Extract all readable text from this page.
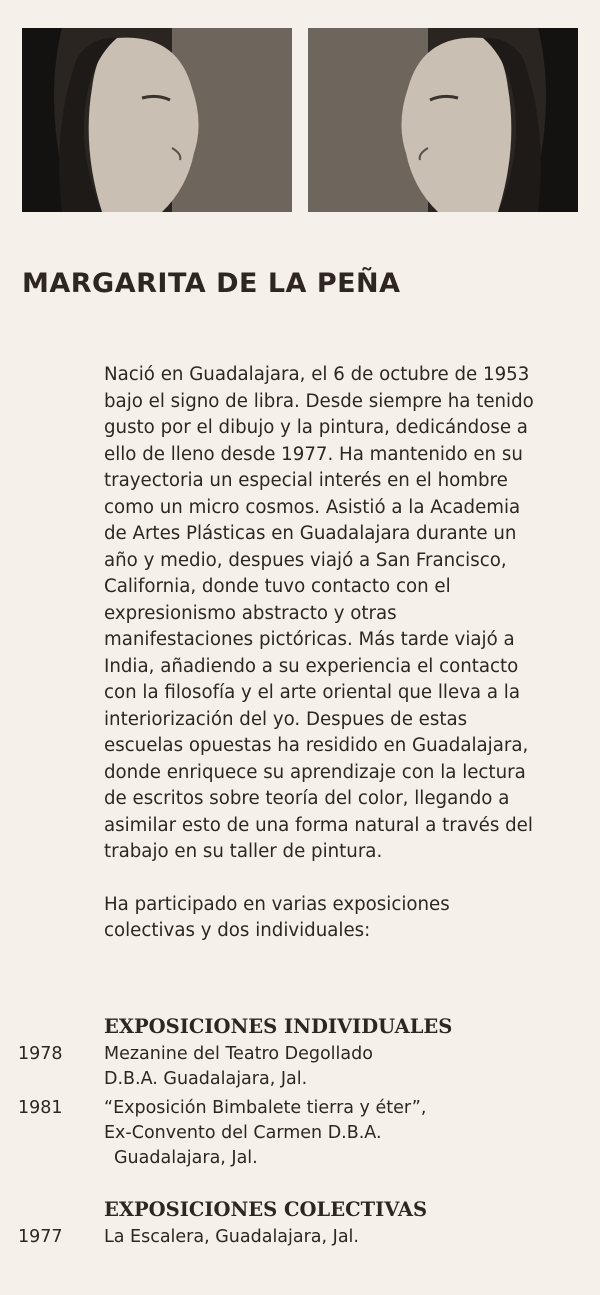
MARGARITA DE LA PEÑA

Nació en Guadalajara, el 6 de octubre de 1953 bajo el signo de libra. Desde siempre ha tenido gusto por el dibujo y la pintura, dedicándose a ello de lleno desde 1977. Ha mantenido en su trayectoria un especial interés en el hombre como un micro cosmos. Asistió a la Academia de Artes Plásticas en Guadalajara durante un año y medio, despues viajó a San Francisco, California, donde tuvo contacto con el expresionismo abstracto y otras manifestaciones pictóricas. Más tarde viajó a India, añadiendo a su experiencia el contacto con la filosofía y el arte oriental que lleva a la interiorización del yo. Despues de estas escuelas opuestas ha residido en Guadalajara, donde enriquece su aprendizaje con la lectura de escritos sobre teoría del color, llegando a asimilar esto de una forma natural a través del trabajo en su taller de pintura.

Ha participado en varias exposiciones colectivas y dos individuales:

EXPOSICIONES INDIVIDUALES
1978 Mezanine del Teatro Degollado
D.B.A. Guadalajara, Jal.
1981 “Exposición Bimbalete tierra y éter”,
Ex-Convento del Carmen D.B.A.
Guadalajara, Jal.
EXPOSICIONES COLECTIVAS
1977 La Escalera, Guadalajara, Jal.
